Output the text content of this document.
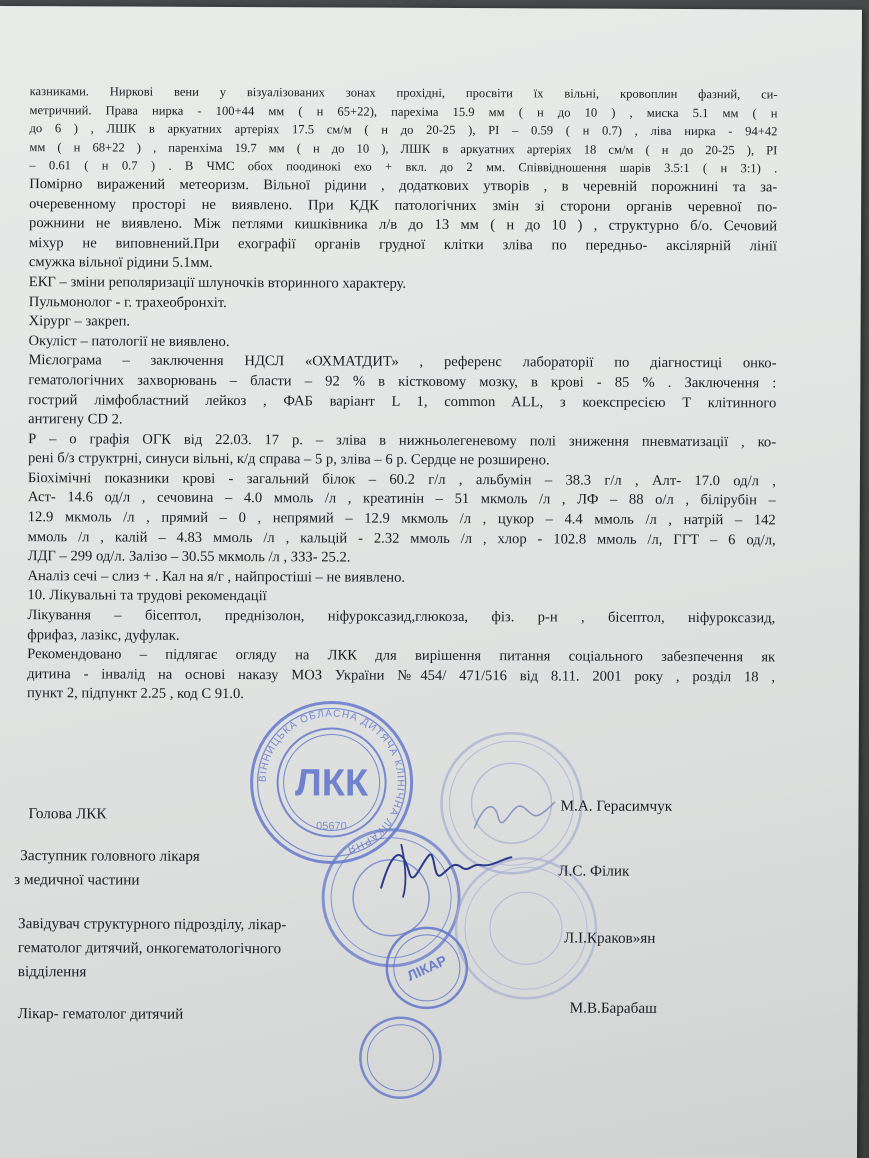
казниками. Ниркові вени у візуалізованих зонах прохідні, просвіти їх вільні, кровоплин фазний, си-
метричний. Права нирка - 100+44 мм ( н 65+22), парехіма 15.9 мм ( н до 10 ) , миска 5.1 мм ( н
до 6 ) , ЛШК в аркуатних артеріях 17.5 см/м ( н до 20-25 ), PI – 0.59 ( н 0.7) , ліва нирка - 94+42
мм ( н 68+22 ) , паренхіма 19.7 мм ( н до 10 ), ЛШК в аркуатних артеріях 18 см/м ( н до 20-25 ), PI
– 0.61 ( н 0.7 ) . В ЧМС обох поодинокі ехо + вкл. до 2 мм. Співвідношення шарів 3.5:1 ( н 3:1) .
Помірно виражений метеоризм. Вільної рідини , додаткових утворів , в черевній порожнині та за-
очеревенному просторі не виявлено. При КДК патологічних змін зі сторони органів черевної по-
рожнини не виявлено. Між петлями кишківника л/в до 13 мм ( н до 10 ) , структурно б/о. Сечовий
міхур не виповнений.При ехографії органів грудної клітки зліва по передньо- аксілярній лінії
смужка вільної рідини 5.1мм.
ЕКГ – зміни реполяризації шлуночків вторинного характеру.
Пульмонолог - г. трахеобронхіт.
Хірург – закреп.
Окуліст – патології не виявлено.
Мієлограма – заключення НДСЛ «ОХМАТДИТ» , референс лабораторії по діагностиці онко-
гематологічних захворювань – бласти – 92 % в кістковому мозку, в крові - 85 % . Заключення :
гострий лімфобластний лейкоз , ФАБ варіант L 1, common ALL, з коекспресією Т клітинного
антигену CD 2.
Р – о графія ОГК від 22.03. 17 р. – зліва в нижньолегеневому полі зниження пневматизації , ко-
рені б/з структрні, синуси вільні, к/д справа – 5 р, зліва – 6 р. Сердце не розширено.
Біохімічні показники крові - загальний білок – 60.2 г/л , альбумін – 38.3 г/л , Алт- 17.0 од/л ,
Аст- 14.6 од/л , сечовина – 4.0 ммоль /л , креатинін – 51 мкмоль /л , ЛФ – 88 о/л , білірубін –
12.9 мкмоль /л , прямий – 0 , непрямий – 12.9 мкмоль /л , цукор – 4.4 ммоль /л , натрій – 142
ммоль /л , калій – 4.83 ммоль /л , кальцій - 2.32 ммоль /л , хлор - 102.8 ммоль /л, ГГТ – 6 од/л,
ЛДГ – 299 од/л. Залізо – 30.55 мкмоль /л , ЗЗЗ- 25.2.
Аналіз сечі – слиз + . Кал на я/г , найпростіші – не виявлено.
10. Лікувальні та трудові рекомендації
Лікування – бісептол, преднізолон, ніфуроксазид,глюкоза, фіз. р-н , бісептол, ніфуроксазид,
фрифаз, лазікс, дуфулак.
Рекомендовано – підлягає огляду на ЛКК для вирішення питання соціального забезпечення як
дитина - інвалід на основі наказу МОЗ України №454/ 471/516 від 8.11. 2001 року , розділ 18 ,
пункт 2, підпункт 2.25 , код С 91.0.
ВІННИЦЬКА ОБЛАСНА ДИТЯЧА КЛІНІЧНА ЛІКАРНЯ
ЛКК
05670
ЛІКАР
Голова ЛКК	М.А. Герасимчук
Заступник головного лікаря
з медичної частини	Л.С. Філик
Завідувач структурного підрозділу, лікар-
гематолог дитячий, онкогематологічного
відділення
Л.І.Краков»ян
Лікар- гематолог дитячий	М.В.Барабаш
